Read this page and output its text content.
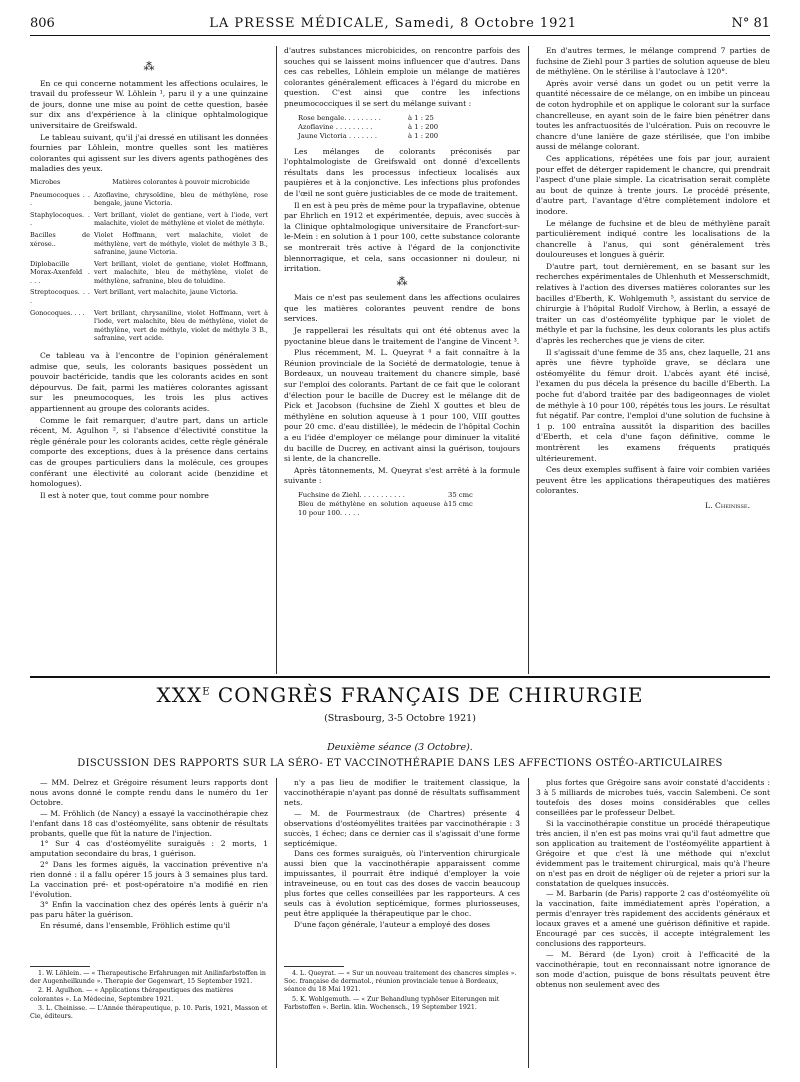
806	LA PRESSE MÉDICALE, Samedi, 8 Octobre 1921	N° 81
⁂

En ce qui concerne notamment les affections oculaires, le travail du professeur W. Löhlein ¹, paru il y a une quinzaine de jours, donne une mise au point de cette question, basée sur dix ans d'expérience à la clinique ophtalmologique universitaire de Greifswald.

Le tableau suivant, qu'il j'ai dressé en utilisant les données fournies par Löhlein, montre quelles sont les matières colorantes qui agissent sur les divers agents pathogènes des maladies des yeux.

Microbes	Matières colorantes à pouvoir microbicide
Pneumocoques . . .	Azoflavine, chrysoïdine, bleu de méthylène, rose bengale, jaune Victoria.
Staphylocoques. . .	Vert brillant, violet de gentiane, vert à l'iode, vert malachite, violet de méthylène et violet de méthyle.
Bacilles de xérose..	Violet Hoffmann, vert malachite, violet de méthylène, vert de méthyle, violet de méthyle 3 B., safranine, jaune Victoria.
Diplobacille Morax-Axenfeld . . . .	Vert brillant, violet de gentiane, violet Hoffmann, vert malachite, bleu de méthylène, violet de méthylène, safranine, bleu de toluidine.
Streptocoques. . . .	Vert brillant, vert malachite, jaune Victoria.
Gonocoques. . . .	Vert brillant, chrysaniline, violet Hoffmann, vert à l'iode, vert malachite, bleu de méthylène, violet de méthylène, vert de méthyle, violet de méthyle 3 B., safranine, vert acide.

Ce tableau va à l'encontre de l'opinion généralement admise que, seuls, les colorants basiques possèdent un pouvoir bactéricide, tandis que les colorants acides en sont dépourvus. De fait, parmi les matières colorantes agissant sur les pneumocoques, les trois les plus actives appartiennent au groupe des colorants acides.

Comme le fait remarquer, d'autre part, dans un article récent, M. Agulhon ², si l'absence d'électivité constitue la règle générale pour les colorants acides, cette règle générale comporte des exceptions, dues à la présence dans certains cas de groupes particuliers dans la molécule, ces groupes conférant une électivité au colorant acide (benzidine et homologues).

Il est à noter que, tout comme pour nombre

d'autres substances microbicides, on rencontre parfois des souches qui se laissent moins influencer que d'autres. Dans ces cas rebelles, Löhlein emploie un mélange de matières colorantes généralement efficaces à l'égard du microbe en question. C'est ainsi que contre les infections pneumococciques il se sert du mélange suivant :

Rose bengale. . . . . . . . .	à 1 : 25
Azoflavine . . . . . . . . .	à 1 : 200
Jaune Victoria . . . . . . .	à 1 : 200

Les mélanges de colorants préconisés par l'ophtalmologiste de Greifswald ont donné d'excellents résultats dans les processus infectieux localisés aux paupières et à la conjonctive. Les infections plus profondes de l'œil ne sont guère justiciables de ce mode de traitement.

Il en est à peu près de même pour la trypaflavine, obtenue par Ehrlich en 1912 et expérimentée, depuis, avec succès à la Clinique ophtalmologique universitaire de Francfort-sur-le-Mein : en solution à 1 pour 100, cette substance colorante se montrerait très active à l'égard de la conjonctivite blennorragique, et cela, sans occasionner ni douleur, ni irritation.

⁂

Mais ce n'est pas seulement dans les affections oculaires que les matières colorantes peuvent rendre de bons services.

Je rappellerai les résultats qui ont été obtenus avec la pyoctanine bleue dans le traitement de l'angine de Vincent ³.

Plus récemment, M. L. Queyrat ⁴ a fait connaître à la Réunion provinciale de la Société de dermatologie, tenue à Bordeaux, un nouveau traitement du chancre simple, basé sur l'emploi des colorants. Partant de ce fait que le colorant d'élection pour le bacille de Ducrey est le mélange dit de Pick et Jacobson (fuchsine de Ziehl X gouttes et bleu de méthylène en solution aqueuse à 1 pour 100, VIII gouttes pour 20 cmc. d'eau distillée), le médecin de l'hôpital Cochin a eu l'idée d'employer ce mélange pour diminuer la vitalité du bacille de Ducrey, en activant ainsi la guérison, toujours si lente, de la chancrelle.

Après tâtonnements, M. Queyrat s'est arrêté à la formule suivante :

Fuchsine de Ziehl. . . . . . . . . . .	35 cmc
Bleu de méthylène en solution aqueuse à 10 pour 100. . . . .
15 cmc

En d'autres termes, le mélange comprend 7 parties de fuchsine de Ziehl pour 3 parties de solution aqueuse de bleu de méthylène. On le stérilise à l'autoclave à 120°.

Après avoir versé dans un godet ou un petit verre la quantité nécessaire de ce mélange, on en imbibe un pinceau de coton hydrophile et on applique le colorant sur la surface chancrelleuse, en ayant soin de le faire bien pénétrer dans toutes les anfractuosités de l'ulcération. Puis on recouvre le chancre d'une lanière de gaze stérilisée, que l'on imbibe aussi de mélange colorant.

Ces applications, répétées une fois par jour, auraient pour effet de déterger rapidement le chancre, qui prendrait l'aspect d'une plaie simple. La cicatrisation serait complète au bout de quinze à trente jours. Le procédé présente, d'autre part, l'avantage d'être complètement indolore et inodore.

Le mélange de fuchsine et de bleu de méthylène paraît particulièrement indiqué contre les localisations de la chancrelle à l'anus, qui sont généralement très douloureuses et longues à guérir.

D'autre part, tout dernièrement, en se basant sur les recherches expérimentales de Uhlenhuth et Messerschmidt, relatives à l'action des diverses matières colorantes sur les bacilles d'Eberth, K. Wohlgemuth ⁵, assistant du service de chirurgie à l'hôpital Rudolf Virchow, à Berlin, a essayé de traiter un cas d'ostéomyélite typhique par le violet de méthyle et par la fuchsine, les deux colorants les plus actifs d'après les recherches que je viens de citer.

Il s'agissait d'une femme de 35 ans, chez laquelle, 21 ans après une fièvre typhoïde grave, se déclara une ostéomyélite du fémur droit. L'abcès ayant été incisé, l'examen du pus décela la présence du bacille d'Eberth. La poche fut d'abord traitée par des badigeonnages de violet de méthyle à 10 pour 100, répétés tous les jours. Le résultat fut négatif. Par contre, l'emploi d'une solution de fuchsine à 1 p. 100 entraîna aussitôt la disparition des bacilles d'Eberth, et cela d'une façon définitive, comme le montrèrent les examens fréquents pratiqués ultérieurement.

Ces deux exemples suffisent à faire voir combien variées peuvent être les applications thérapeutiques des matières colorantes.

L. Cheinisse.
$XXX^E$ CONGRÈS FRANÇAIS DE CHIRURGIE
(Strasbourg, 3-5 Octobre 1921)
Deuxième séance (3 Octobre).
DISCUSSION DES RAPPORTS SUR LA SÉRO- ET VACCINOTHÉRAPIE DANS LES AFFECTIONS OSTÉO-ARTICULAIRES

— MM. Delrez et Grégoire résument leurs rapports dont nous avons donné le compte rendu dans le numéro du 1er Octobre.

— M. Fröhlich (de Nancy) a essayé la vaccinothérapie chez l'enfant dans 18 cas d'ostéomyélite, sans obtenir de résultats probants, quelle que fût la nature de l'injection.

1° Sur 4 cas d'ostéomyélite suraiguës : 2 morts, 1 amputation secondaire du bras, 1 guérison.

2° Dans les formes aiguës, la vaccination préventive n'a rien donné : il a fallu opérer 15 jours à 3 semaines plus tard. La vaccination pré- et post-opératoire n'a modifié en rien l'évolution.

3° Enfin la vaccination chez des opérés lents à guérir n'a pas paru hâter la guérison.

En résumé, dans l'ensemble, Fröhlich estime qu'il

n'y a pas lieu de modifier le traitement classique, la vaccinothérapie n'ayant pas donné de résultats suffisamment nets.

— M. de Fourmestraux (de Chartres) présente 4 observations d'ostéomyélites traitées par vaccinothérapie : 3 succès, 1 échec; dans ce dernier cas il s'agissait d'une forme septicémique.

Dans ces formes suraiguës, où l'intervention chirurgicale aussi bien que la vaccinothérapie apparaissent comme impuissantes, il pourrait être indiqué d'employer la voie intraveineuse, ou en tout cas des doses de vaccin beaucoup plus fortes que celles conseillées par les rapporteurs. A ces seuls cas à évolution septicémique, formes pluriosseuses, peut être appliquée la thérapeutique par le choc.

D'une façon générale, l'auteur a employé des doses

plus fortes que Grégoire sans avoir constaté d'accidents : 3 à 5 milliards de microbes tués, vaccin Salembeni. Ce sont toutefois des doses moins considérables que celles conseillées par le professeur Delbet.

Si la vaccinothérapie constitue un procédé thérapeutique très ancien, il n'en est pas moins vrai qu'il faut admettre que son application au traitement de l'ostéomyélite appartient à Grégoire et que c'est là une méthode qui n'exclut évidemment pas le traitement chirurgical, mais qu'à l'heure on n'est pas en droit de négliger où de rejeter a priori sur la constatation de quelques insuccès.

— M. Barbarin (de Paris) rapporte 2 cas d'ostéomyélite où la vaccination, faite immédiatement après l'opération, a permis d'enrayer très rapidement des accidents généraux et locaux graves et a amené une guérison définitive et rapide. Encouragé par ces succès, il accepte intégralement les conclusions des rapporteurs.

— M. Bérard (de Lyon) croit à l'efficacité de la vaccinothérapie, tout en reconnaissant notre ignorance de son mode d'action, puisque de bons résultats peuvent être obtenus non seulement avec des

1. W. Löhlein. — « Therapeutische Erfahrungen mit Anilinfarbstoffen in der Augenheilkunde ». Therapie der Gegenwart, 15 September 1921.

2. H. Agulhon. — « Applications thérapeutiques des matières colorantes ». La Médecine, Septembre 1921.

3. L. Cheinisse. — L'Année thérapeutique, p. 10. Paris, 1921, Masson et Cie, éditeurs.

4. L. Queyrat. — « Sur un nouveau traitement des chancres simples ». Soc. française de dermatol., réunion provinciale tenue à Bordeaux, séance du 18 Mai 1921.

5. K. Wohlgemuth. — « Zur Behandlung typhöser Eiterungen mit Farbstoffen ». Berlin. klin. Wochensch., 19 September 1921.
